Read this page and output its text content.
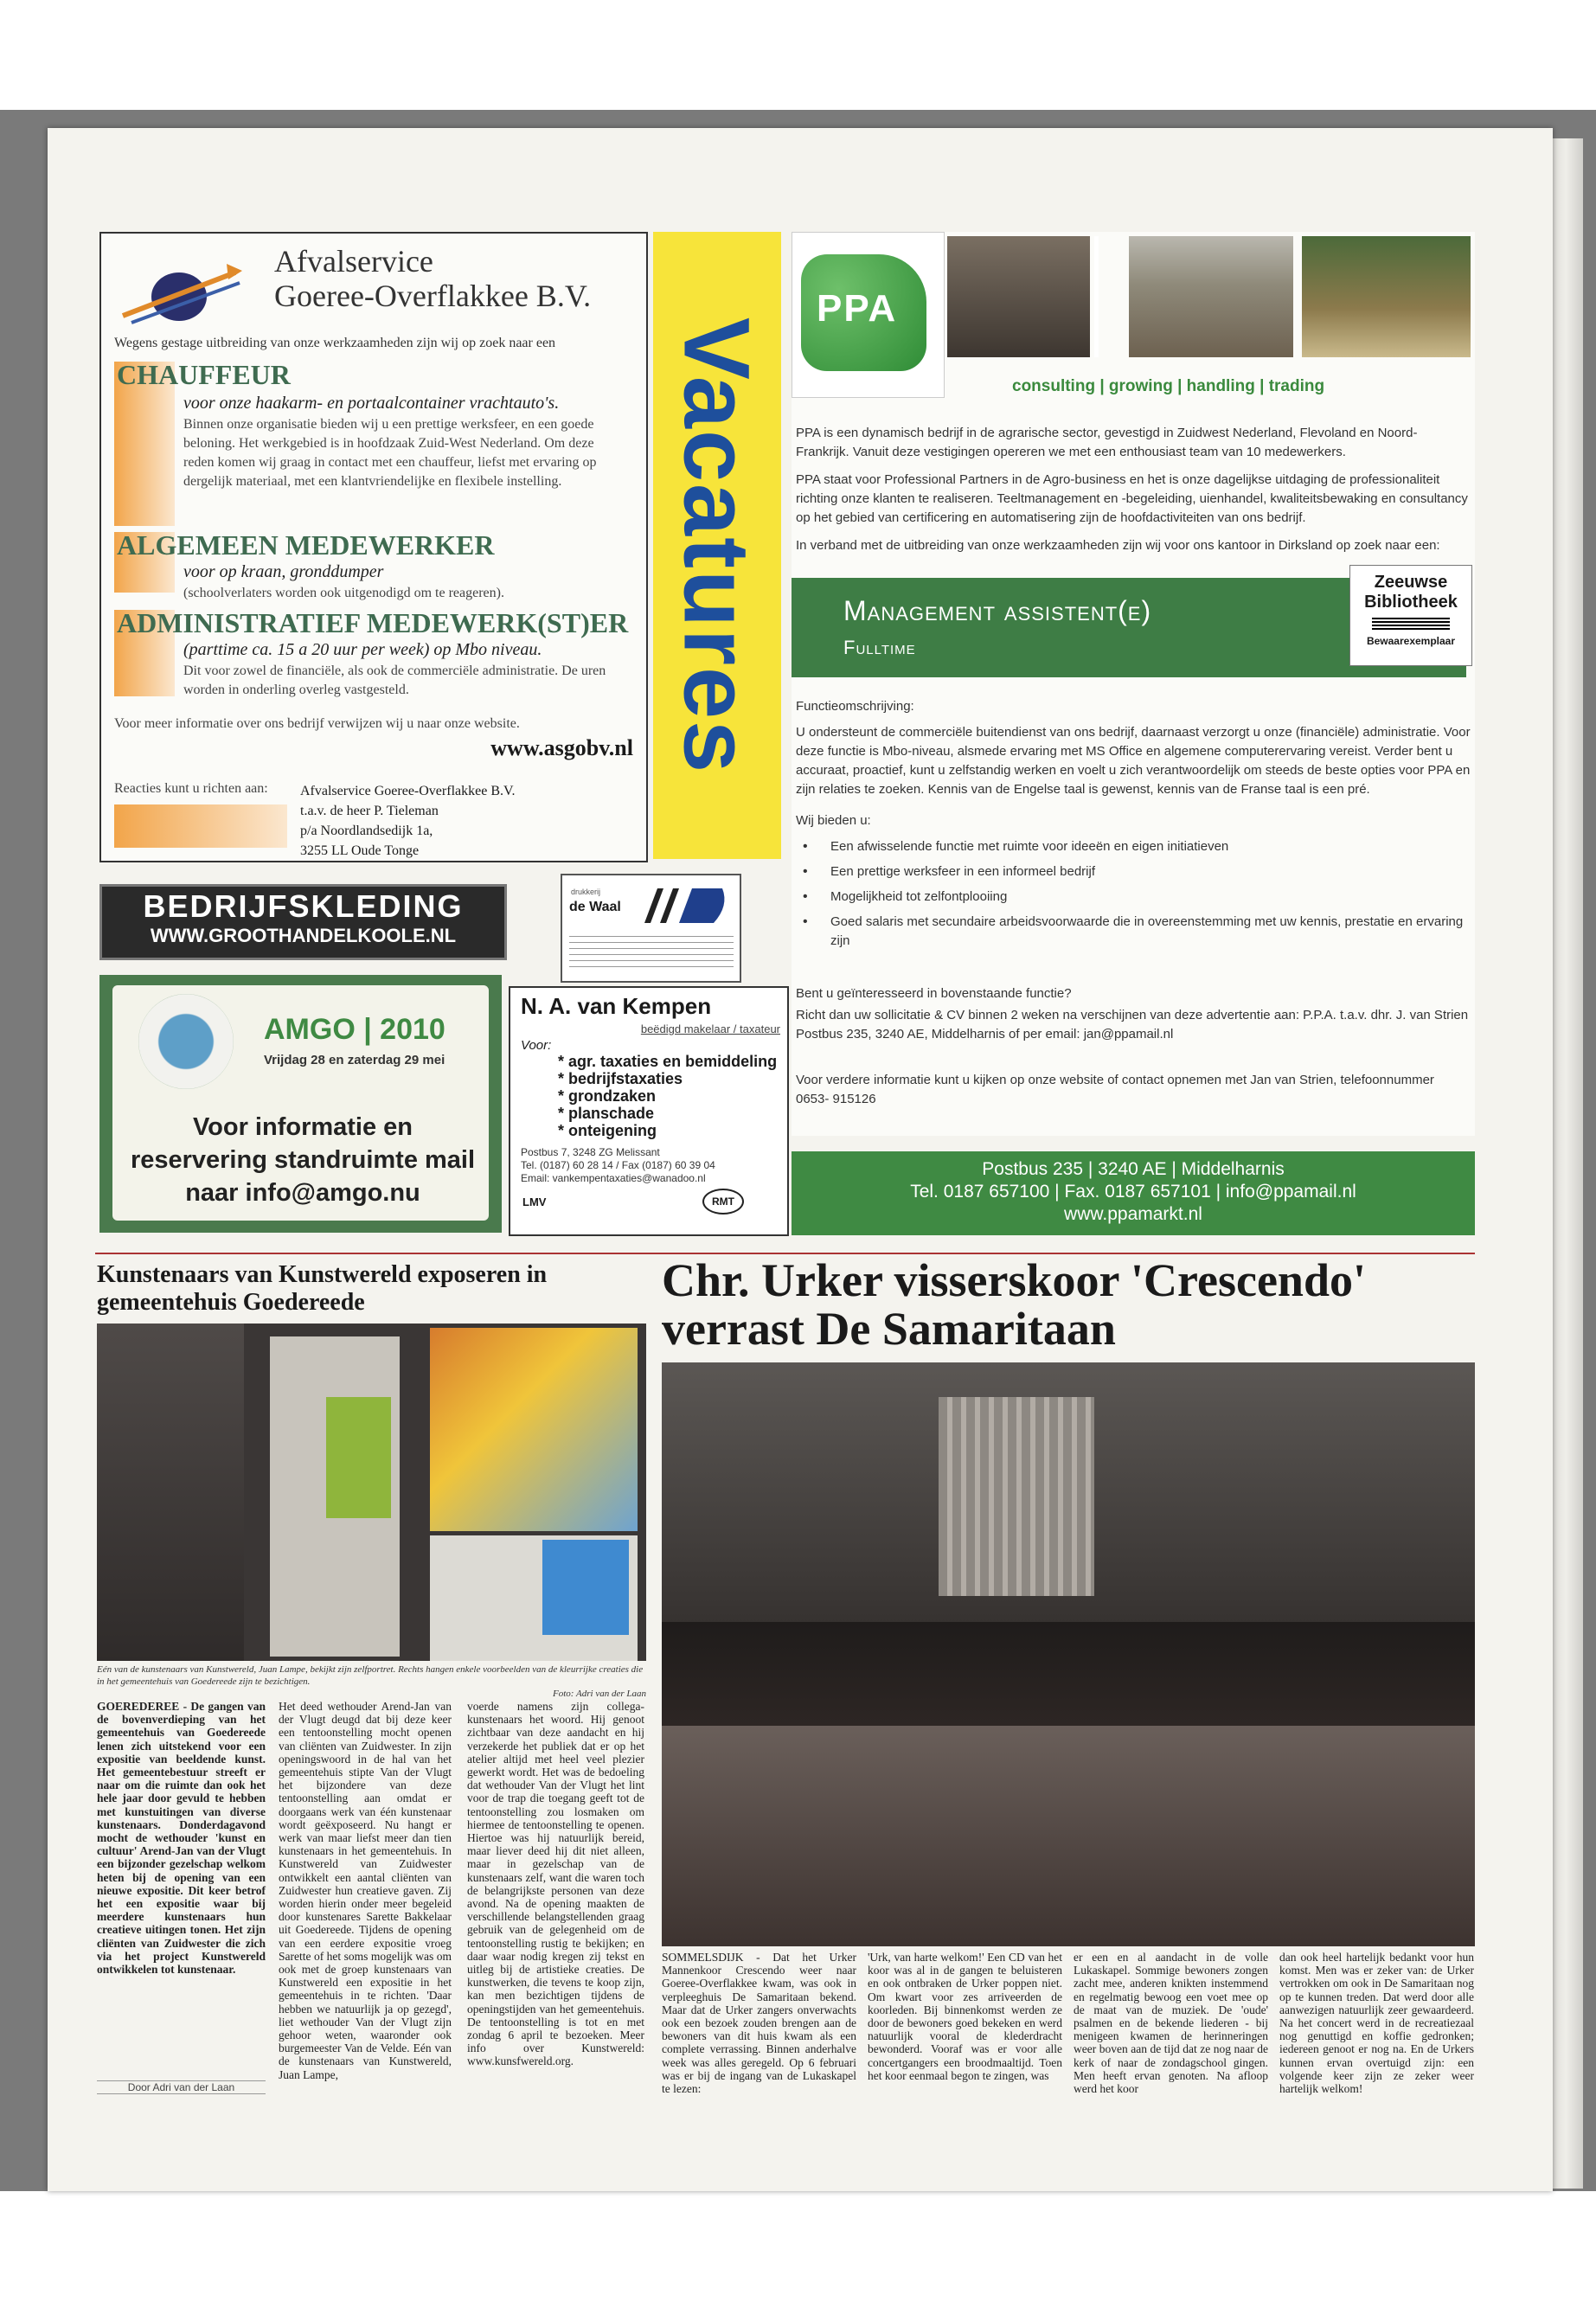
Afvalservice
Goeree-Overflakkee B.V.
Wegens gestage uitbreiding van onze werkzaamheden zijn wij op zoek naar een
CHAUFFEUR
voor onze haakarm- en portaalcontainer vrachtauto's.
Binnen onze organisatie bieden wij u een prettige werksfeer, en een goede beloning. Het werkgebied is in hoofdzaak Zuid-West Nederland. Om deze reden komen wij graag in contact met een chauffeur, liefst met ervaring op dergelijk materiaal, met een klantvriendelijke en flexibele instelling.
ALGEMEEN MEDEWERKER
voor op kraan, gronddumper
(schoolverlaters worden ook uitgenodigd om te reageren).
ADMINISTRATIEF MEDEWERK(ST)ER
(parttime ca. 15 a 20 uur per week) op Mbo niveau.
Dit voor zowel de financiële, als ook de commerciële administratie. De uren worden in onderling overleg vastgesteld.
Voor meer informatie over ons bedrijf verwijzen wij u naar onze website.
www.asgobv.nl
Reacties kunt u richten aan: Afvalservice Goeree-Overflakkee B.V.
t.a.v. de heer P. Tieleman
p/a Noordlandsedijk 1a,
3255 LL Oude Tonge
Vacatures
PPA
consulting | growing | handling | trading
PPA is een dynamisch bedrijf in de agrarische sector, gevestigd in Zuidwest Nederland, Flevoland en Noord-Frankrijk. Vanuit deze vestigingen opereren we met een enthousiast team van 10 medewerkers.
PPA staat voor Professional Partners in de Agro-business en het is onze dagelijkse uitdaging de professionaliteit richting onze klanten te realiseren. Teeltmanagement en -begeleiding, uienhandel, kwaliteitsbewaking en consultancy op het gebied van certificering en automatisering zijn de hoofdactiviteiten van ons bedrijf.
In verband met de uitbreiding van onze werkzaamheden zijn wij voor ons kantoor in Dirksland op zoek naar een:
Management assistent(e)
Fulltime
Zeeuwse
Bibliotheek
Bewaarexemplaar
Functieomschrijving:
U ondersteunt de commerciële buitendienst van ons bedrijf, daarnaast verzorgt u onze (financiële) administratie. Voor deze functie is Mbo-niveau, alsmede ervaring met MS Office en algemene computerervaring vereist. Verder bent u accuraat, proactief, kunt u zelfstandig werken en voelt u zich verantwoordelijk om steeds de beste opties voor PPA en zijn relaties te zoeken. Kennis van de Engelse taal is gewenst, kennis van de Franse taal is een pré.
Wij bieden u:
• Een afwisselende functie met ruimte voor ideeën en eigen initiatieven
• Een prettige werksfeer in een informeel bedrijf
• Mogelijkheid tot zelfontplooiing
• Goed salaris met secundaire arbeidsvoorwaarde die in overeenstemming met uw kennis, prestatie en ervaring zijn
Bent u geïnteresseerd in bovenstaande functie?
Richt dan uw sollicitatie & CV binnen 2 weken na verschijnen van deze advertentie aan: P.P.A. t.a.v. dhr. J. van Strien Postbus 235, 3240 AE, Middelharnis of per email: jan@ppamail.nl
Voor verdere informatie kunt u kijken op onze website of contact opnemen met Jan van Strien, telefoonnummer 0653- 915126
Postbus 235 | 3240 AE | Middelharnis
Tel. 0187 657100 | Fax. 0187 657101 | info@ppamail.nl
www.ppamarkt.nl
BEDRIJFSKLEDING
WWW.GROOTHANDELKOOLE.NL
drukkerij
de Waal
AMGO | 2010
Vrijdag 28 en zaterdag 29 mei
Voor informatie en reservering standruimte mail naar info@amgo.nu
N. A. van Kempen
beëdigd makelaar / taxateur
Voor:
* agr. taxaties en bemiddeling
* bedrijfstaxaties
* grondzaken
* planschade
* onteigening
Postbus 7, 3248 ZG Melissant
Tel. (0187) 60 28 14 / Fax (0187) 60 39 04
Email: vankempentaxaties@wanadoo.nl
LMV	RMT
Kunstenaars van Kunstwereld exposeren in gemeentehuis Goedereede
Eén van de kunstenaars van Kunstwereld, Juan Lampe, bekijkt zijn zelfportret. Rechts hangen enkele voorbeelden van de kleurrijke creaties die in het gemeentehuis van Goedereede zijn te bezichtigen.
Foto: Adri van der Laan
GOEREDEREE - De gangen van de bovenverdieping van het gemeentehuis van Goedereede lenen zich uitstekend voor een expositie van beeldende kunst. Het gemeentebestuur streeft er naar om die ruimte dan ook het hele jaar door gevuld te hebben met kunstuitingen van diverse kunstenaars. Donderdagavond mocht de wethouder 'kunst en cultuur' Arend-Jan van der Vlugt een bijzonder gezelschap welkom heten bij de opening van een nieuwe expositie. Dit keer betrof het een expositie waar bij meerdere kunstenaars hun creatieve uitingen tonen. Het zijn cliënten van Zuidwester die zich via het project Kunstwereld ontwikkelen tot kunstenaar.
Door Adri van der Laan
Het deed wethouder Arend-Jan van der Vlugt deugd dat bij deze keer een tentoonstelling mocht openen van cliënten van Zuidwester. In zijn openingswoord in de hal van het gemeentehuis stipte Van der Vlugt het bijzondere van deze tentoonstelling aan omdat er doorgaans werk van één kunstenaar wordt geëxposeerd. Nu hangt er werk van maar liefst meer dan tien kunstenaars in het gemeentehuis. In Kunstwereld van Zuidwester ontwikkelt een aantal cliënten van Zuidwester hun creatieve gaven. Zij worden hierin onder meer begeleid door kunstenares Sarette Bakkelaar uit Goedereede. Tijdens de opening van een eerdere expositie vroeg Sarette of het soms mogelijk was om ook met de groep kunstenaars van Kunstwereld een expositie in het gemeentehuis in te richten. 'Daar hebben we natuurlijk ja op gezegd', liet wethouder Van der Vlugt zijn gehoor weten, waaronder ook burgemeester Van de Velde. Eén van de kunstenaars van Kunstwereld, Juan Lampe,
voerde namens zijn collega-kunstenaars het woord. Hij genoot zichtbaar van deze aandacht en hij verzekerde het publiek dat er op het atelier altijd met heel veel plezier gewerkt wordt. Het was de bedoeling dat wethouder Van der Vlugt het lint voor de trap die toegang geeft tot de tentoonstelling zou losmaken om hiermee de tentoonstelling te openen. Hiertoe was hij natuurlijk bereid, maar liever deed hij dit niet alleen, maar in gezelschap van de kunstenaars zelf, want die waren toch de belangrijkste personen van deze avond. Na de opening maakten de verschillende belangstellenden graag gebruik van de gelegenheid om de tentoonstelling rustig te bekijken; en daar waar nodig kregen zij tekst en uitleg bij de artistieke creaties. De kunstwerken, die tevens te koop zijn, kan men bezichtigen tijdens de openingstijden van het gemeentehuis. De tentoonstelling is tot en met zondag 6 april te bezoeken. Meer info over Kunstwereld: www.kunsfwereld.org.
Chr. Urker visserskoor 'Crescendo' verrast De Samaritaan
SOMMELSDIJK - Dat het Urker Mannenkoor Crescendo weer naar Goeree-Overflakkee kwam, was ook in verpleeghuis De Samaritaan bekend. Maar dat de Urker zangers onverwachts ook een bezoek zouden brengen aan de bewoners van dit huis kwam als een complete verrassing. Binnen anderhalve week was alles geregeld. Op 6 februari was er bij de ingang van de Lukaskapel te lezen:
'Urk, van harte welkom!' Een CD van het koor was al in de gangen te beluisteren en ook ontbraken de Urker poppen niet. Om kwart voor zes arriveerden de koorleden. Bij binnenkomst werden ze door de bewoners goed bekeken en werd natuurlijk vooral de klederdracht bewonderd. Vooraf was er voor alle concertgangers een broodmaaltijd. Toen het koor eenmaal begon te zingen, was
er een en al aandacht in de volle Lukaskapel. Sommige bewoners zongen zacht mee, anderen knikten instemmend en regelmatig bewoog een voet mee op de maat van de muziek. De 'oude' psalmen en de bekende liederen - bij menigeen kwamen de herinneringen weer boven aan de tijd dat ze nog naar de kerk of naar de zondagschool gingen. Men heeft ervan genoten. Na afloop werd het koor
dan ook heel hartelijk bedankt voor hun komst. Men was er zeker van: de Urker vertrokken om ook in De Samaritaan nog op te kunnen treden. Dat werd door alle aanwezigen natuurlijk zeer gewaardeerd. Na het concert werd in de recreatiezaal nog genuttigd en koffie gedronken; iedereen genoot er nog na. En de Urkers kunnen ervan overtuigd zijn: een volgende keer zijn ze zeker weer hartelijk welkom!
